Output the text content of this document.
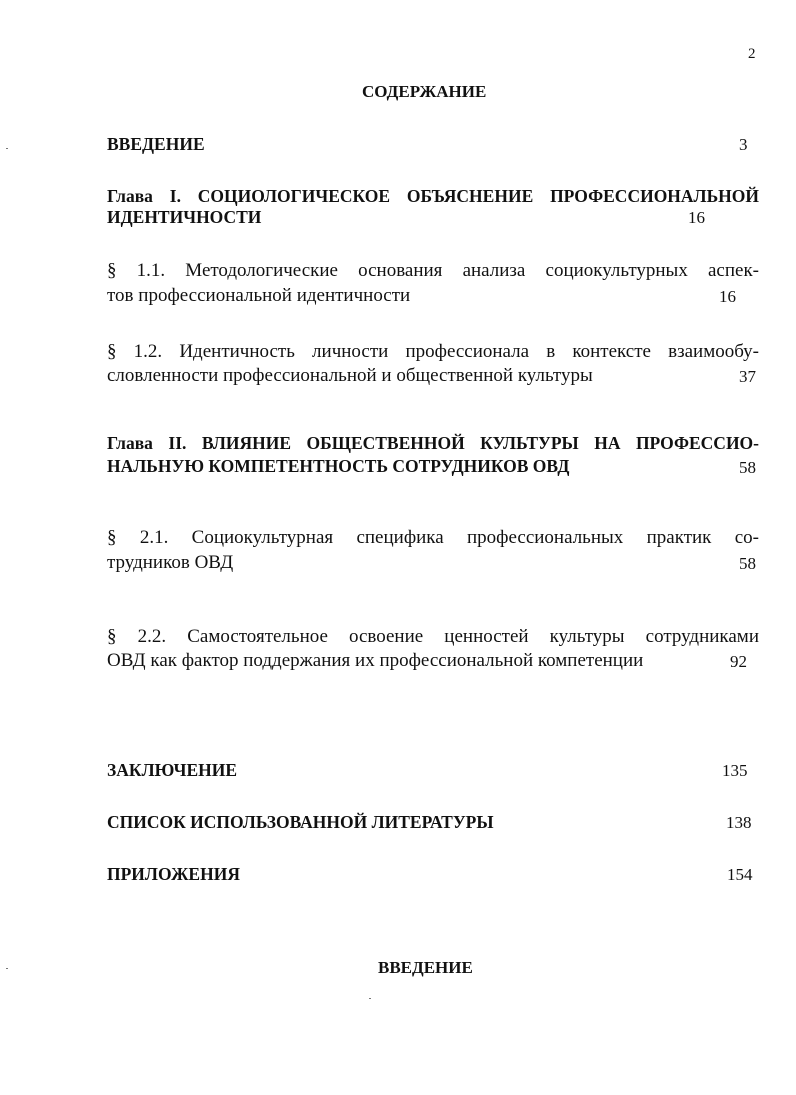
2
СОДЕРЖАНИЕ
ВВЕДЕНИЕ	3
Глава I. СОЦИОЛОГИЧЕСКОЕ ОБЪЯСНЕНИЕ ПРОФЕССИОНАЛЬНОЙ
ИДЕНТИЧНОСТИ	16
§ 1.1. Методологические основания анализа социокультурных аспек-
тов профессиональной идентичности	16
§ 1.2. Идентичность личности профессионала в контексте взаимообу-
словленности профессиональной и общественной культуры	37
Глава II. ВЛИЯНИЕ ОБЩЕСТВЕННОЙ КУЛЬТУРЫ НА ПРОФЕССИО-
НАЛЬНУЮ КОМПЕТЕНТНОСТЬ СОТРУДНИКОВ ОВД	58
§ 2.1. Социокультурная специфика профессиональных практик со-
трудников ОВД	58
§ 2.2. Самостоятельное освоение ценностей культуры сотрудниками
ОВД как фактор поддержания их профессиональной компетенции	92
ЗАКЛЮЧЕНИЕ	135
СПИСОК ИСПОЛЬЗОВАННОЙ ЛИТЕРАТУРЫ	138
ПРИЛОЖЕНИЯ	154
ВВЕДЕНИЕ
